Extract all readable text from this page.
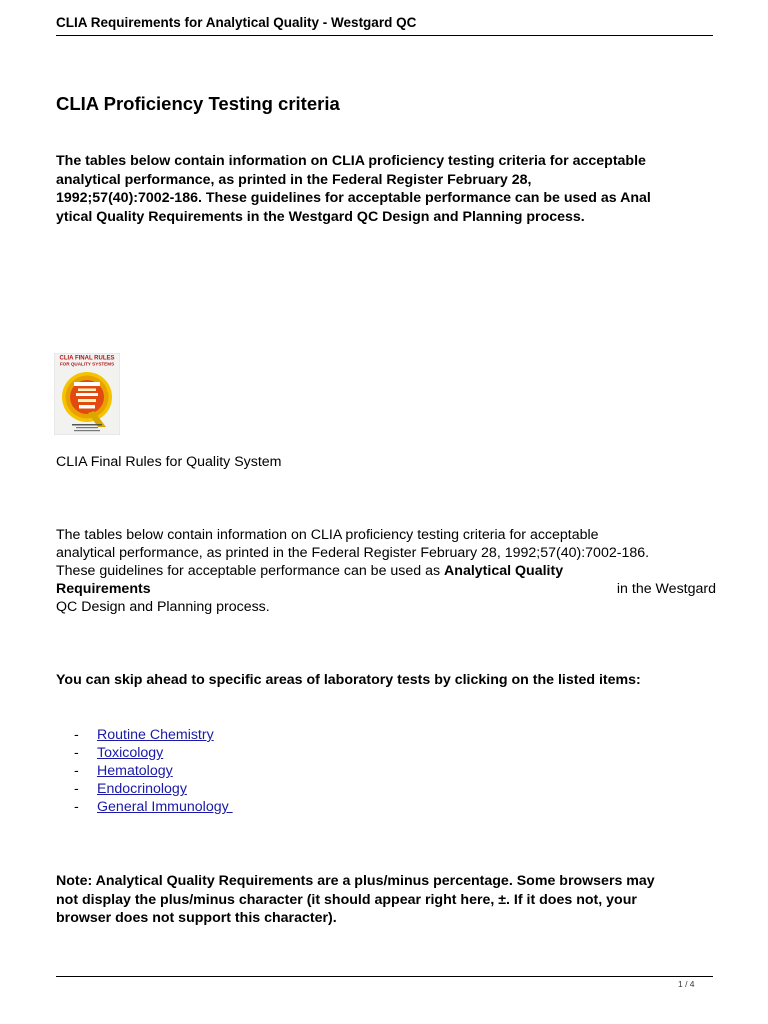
CLIA Requirements for Analytical Quality - Westgard QC
CLIA Proficiency Testing criteria
The tables below contain information on CLIA proficiency testing criteria for acceptable
analytical performance, as printed in the Federal Register February 28,
1992;57(40):7002-186. These guidelines for acceptable performance can be used as Anal
ytical Quality Requirements in the Westgard QC Design and Planning process.
CLIA FINAL RULES
FOR QUALITY SYSTEMS

CLIA Final Rules for Quality System

The tables below contain information on CLIA proficiency testing criteria for acceptable

analytical performance, as printed in the Federal Register February 28, 1992;57(40):7002-186.

These guidelines for acceptable performance can be used as Analytical Quality

Requirements	in the Westgard

QC Design and Planning process.

You can skip ahead to specific areas of laboratory tests by clicking on the listed items:

-	Routine Chemistry
-	Toxicology
-	Hematology
-	Endocrinology
-	General Immunology
Note: Analytical Quality Requirements are a plus/minus percentage. Some browsers may
not display the plus/minus character (it should appear right here, ±. If it does not, your
browser does not support this character).
1 / 4
